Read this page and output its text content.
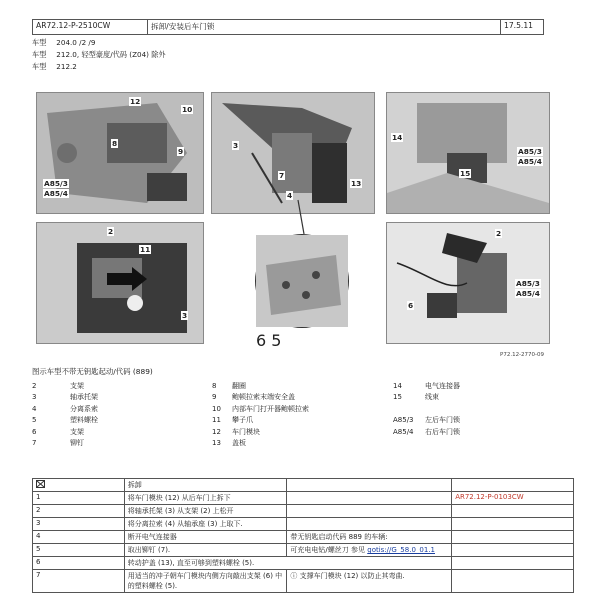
AR72.12-P-2510CW	拆卸/安装后车门锁	17.5.11
车型 204.0 /2 /9
车型 212.0, 轻型豪度/代码 (Z04) 除外
车型 212.2
12
10
8
9
A85/3
A85/4
3
7
4
13
14
A85/3
A85/4
15
2
11
3
6 5
2
A85/3
A85/4
6
P72.12-2770-09
图示车型不带无钥匙起动/代码 (889)
2	支架
3	轴承托架
4	分离系索
5	塑料螺栓
6	支架
7	铆钉
8 翻圈
9 鲍顿拉索末端安全盖
10 内部车门打开器鲍顿拉索
11 攀子爪
12 车门模块
13 盖板
14	电气连接器
15	线束
A85/3 左后车门锁
A85/4 右后车门锁
	拆卸		
1	将车门模块 (12) 从后车门上拆下		AR72.12-P-0103CW
2	将轴承托架 (3) 从支架 (2) 上松开		
3	将分离拉索 (4) 从轴承座 (3) 上取下.		
4	断开电气连接器	带无钥匙启动代码 889 的车辆:	
5	取出铆钉 (7).	可充电电钻/螺丝刀 参见 gotis://G_58.0_01.1	
6	转动护盖 (13), 直至可够到塑料螺栓 (5).		
7	用适当的冲子朝车门模块内侧方向敲出支架 (6) 中的塑料螺栓 (5).	ⓘ 支撑车门模块 (12) 以防止其弯曲.	
